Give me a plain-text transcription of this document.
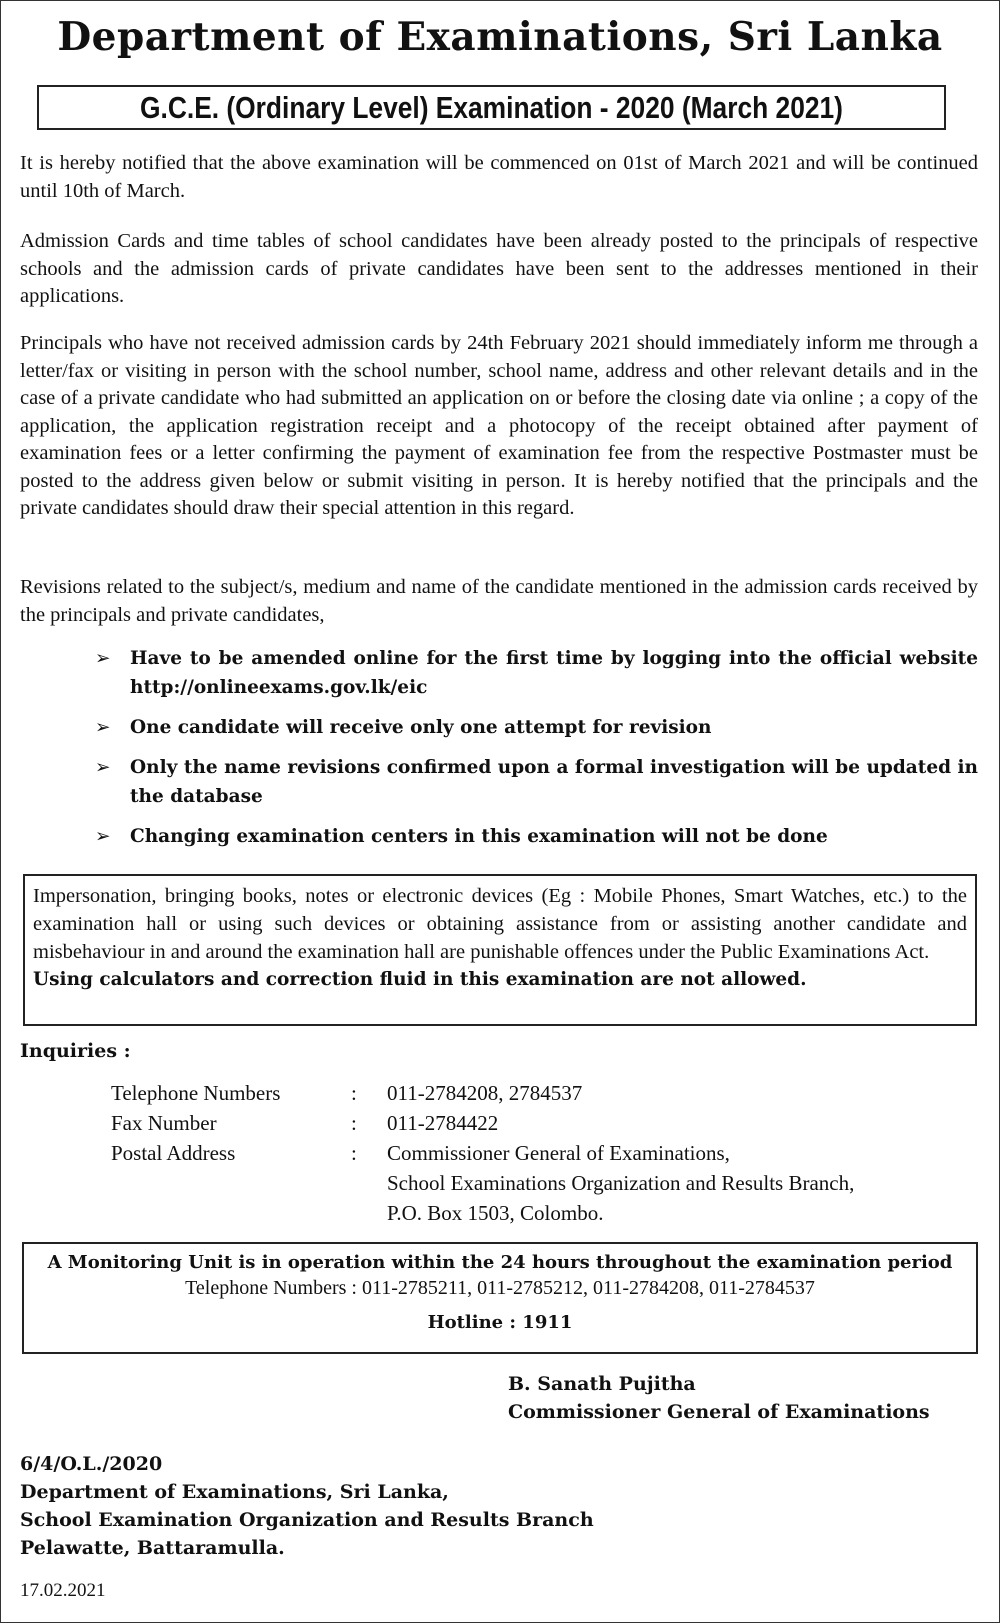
Department of Examinations, Sri Lanka
G.C.E. (Ordinary Level) Examination - 2020 (March 2021)
It is hereby notified that the above examination will be commenced on 01st of March 2021 and will be continued until 10th of March.
Admission Cards and time tables of school candidates have been already posted to the principals of respective schools and the admission cards of private candidates have been sent to the addresses mentioned in their applications.
Principals who have not received admission cards by 24th February 2021 should immediately inform me through a letter/fax or visiting in person with the school number, school name, address and other relevant details and in the case of a private candidate who had submitted an application on or before the closing date via online ; a copy of the application, the application registration receipt and a photocopy of the receipt obtained after payment of examination fees or a letter confirming the payment of examination fee from the respective Postmaster must be posted to the address given below or submit visiting in person. It is hereby notified that the principals and the private candidates should draw their special attention in this regard.
Revisions related to the subject/s, medium and name of the candidate mentioned in the admission cards received by the principals and private candidates,
➢ Have to be amended online for the first time by logging into the official website http://onlineexams.gov.lk/eic
➢ One candidate will receive only one attempt for revision
➢ Only the name revisions confirmed upon a formal investigation will be updated in the database
➢ Changing examination centers in this examination will not be done
Impersonation, bringing books, notes or electronic devices (Eg : Mobile Phones, Smart Watches, etc.) to the examination hall or using such devices or obtaining assistance from or assisting another candidate and misbehaviour in and around the examination hall are punishable offences under the Public Examinations Act.
Using calculators and correction fluid in this examination are not allowed.
Inquiries :
Telephone Numbers	:	011-2784208, 2784537
Fax Number	:	011-2784422
Postal Address	:	Commissioner General of Examinations,
School Examinations Organization and Results Branch,
P.O. Box 1503, Colombo.
A Monitoring Unit is in operation within the 24 hours throughout the examination period
Telephone Numbers : 011-2785211, 011-2785212, 011-2784208, 011-2784537
Hotline : 1911
B. Sanath Pujitha
Commissioner General of Examinations
6/4/O.L./2020
Department of Examinations, Sri Lanka,
School Examination Organization and Results Branch
Pelawatte, Battaramulla.
17.02.2021
